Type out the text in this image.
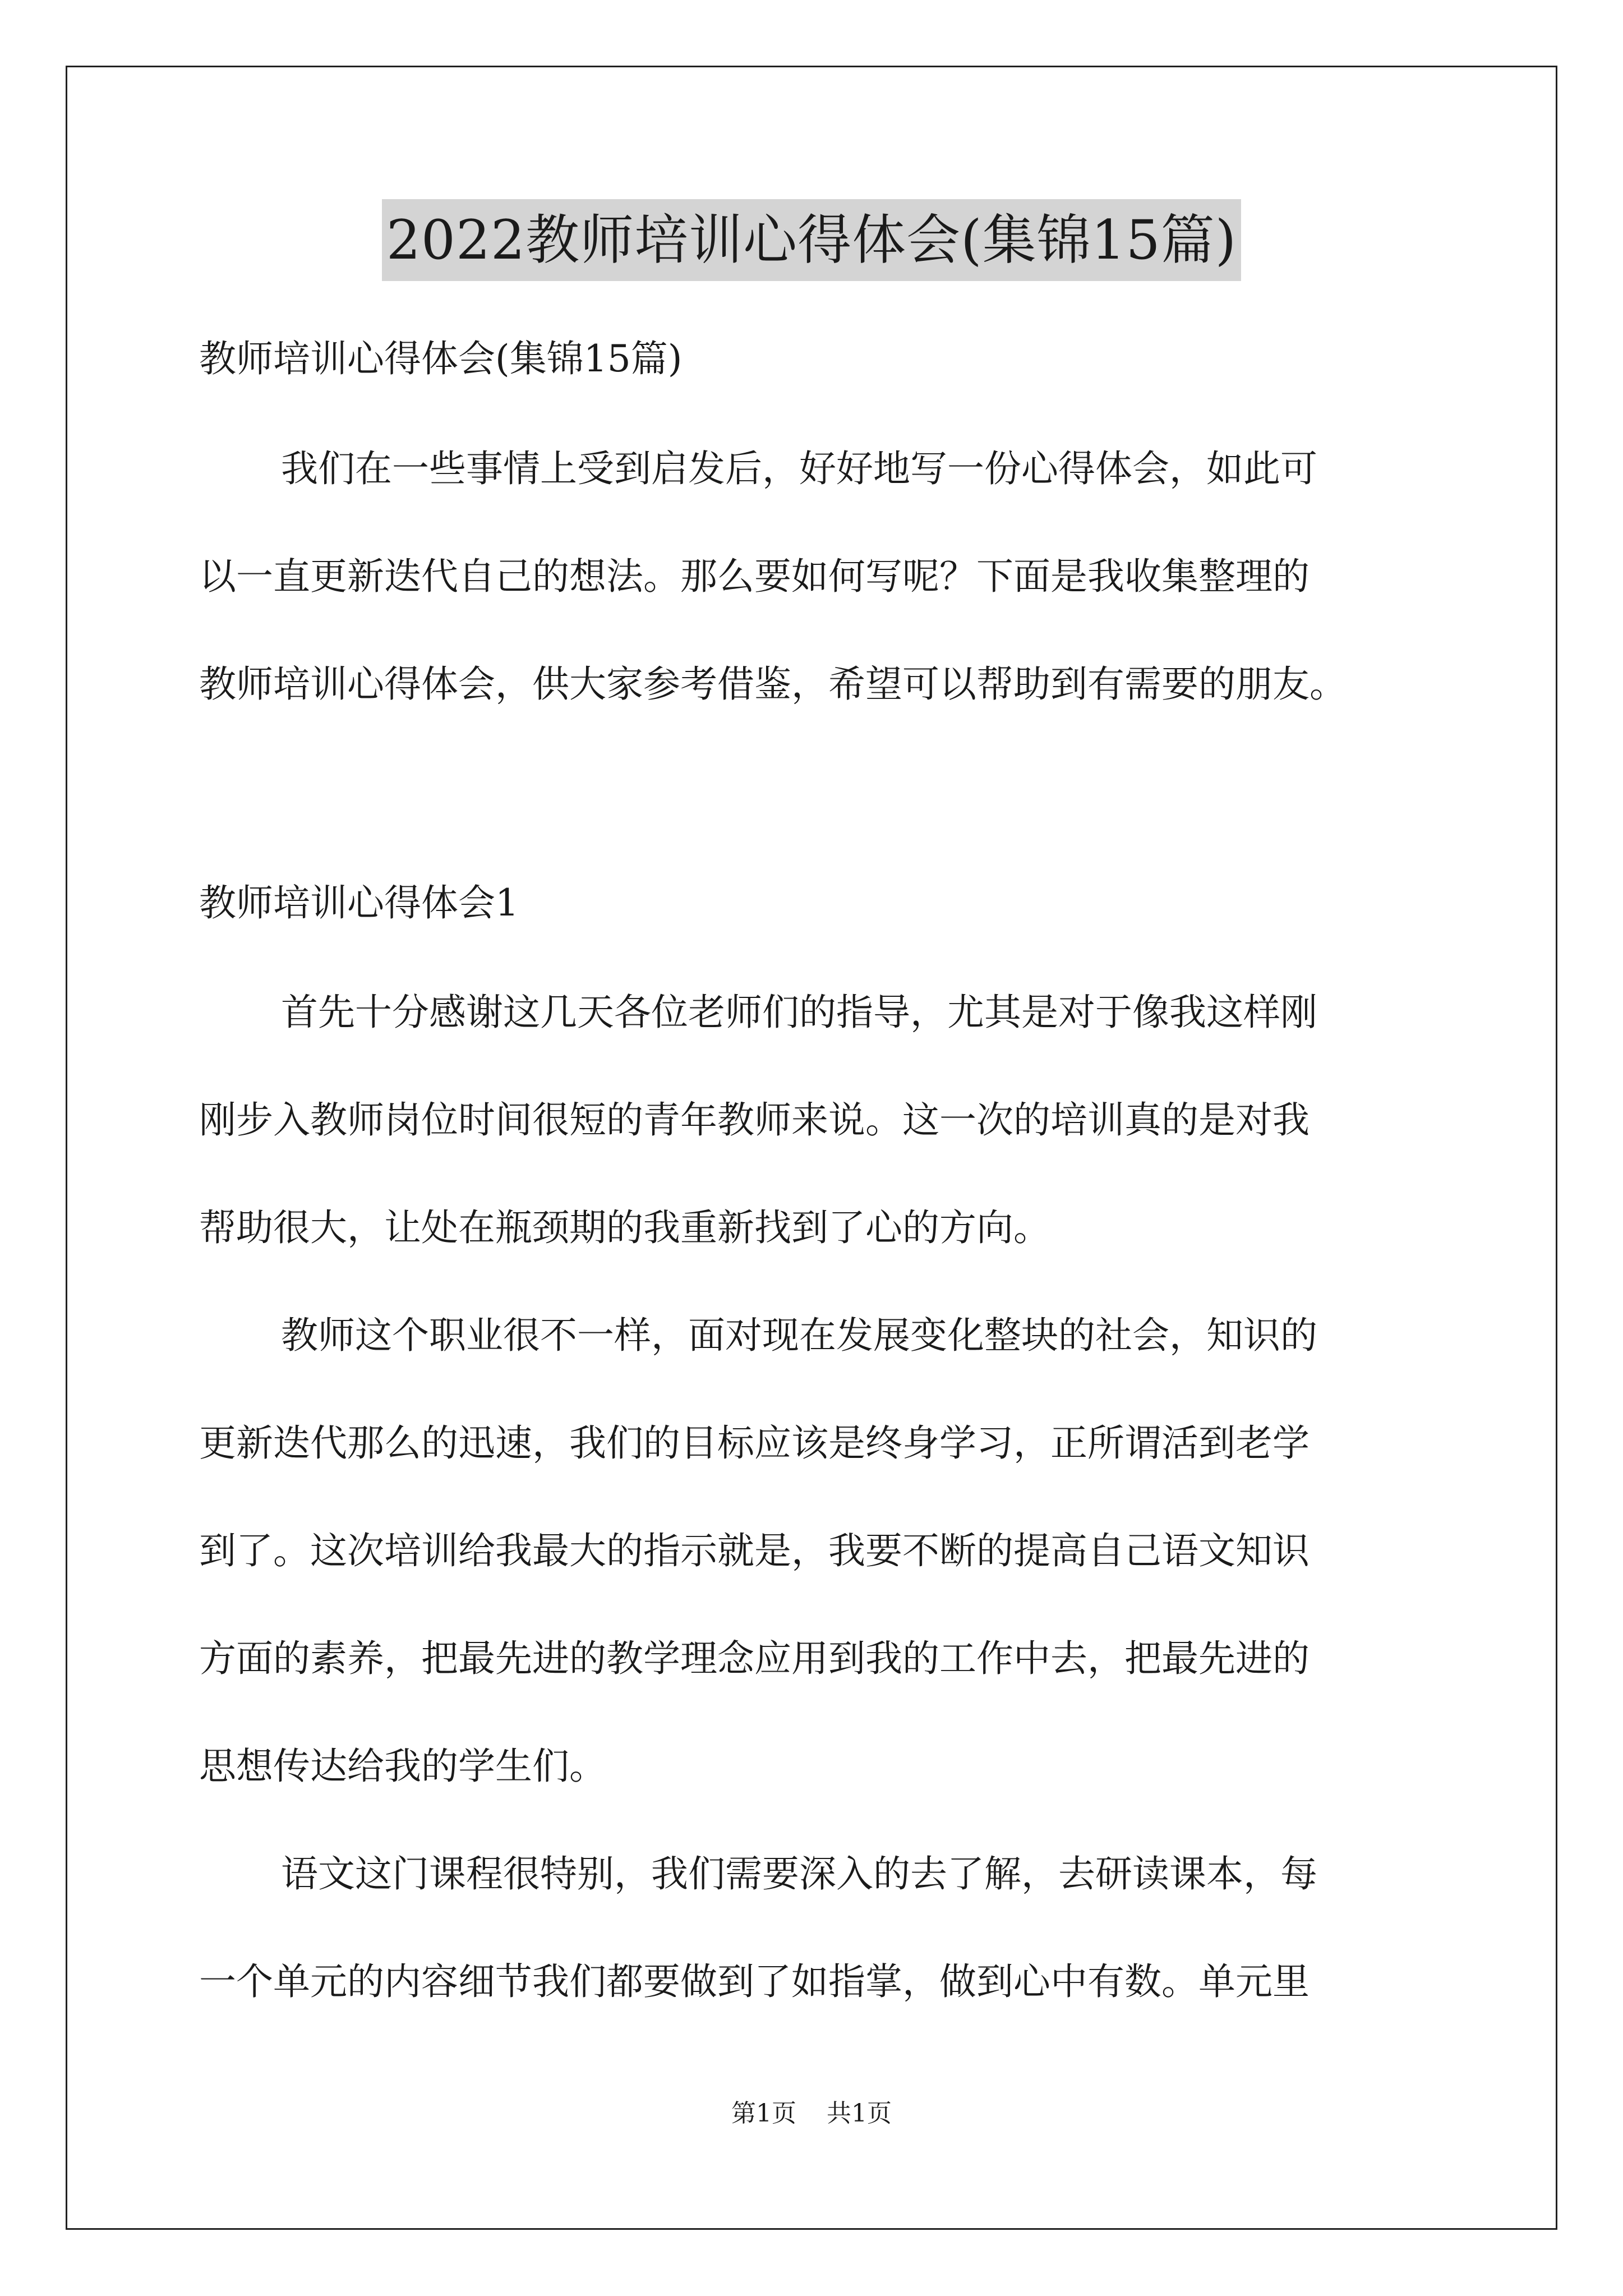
2022教师培训心得体会(集锦15篇)
教师培训心得体会(集锦15篇)
我们在一些事情上受到启发后，好好地写一份心得体会，如此可
以一直更新迭代自己的想法。那么要如何写呢？下面是我收集整理的
教师培训心得体会，供大家参考借鉴，希望可以帮助到有需要的朋友。
教师培训心得体会1
首先十分感谢这几天各位老师们的指导，尤其是对于像我这样刚
刚步入教师岗位时间很短的青年教师来说。这一次的培训真的是对我
帮助很大，让处在瓶颈期的我重新找到了心的方向。
教师这个职业很不一样，面对现在发展变化整块的社会，知识的
更新迭代那么的迅速，我们的目标应该是终身学习，正所谓活到老学
到了。这次培训给我最大的指示就是，我要不断的提高自己语文知识
方面的素养，把最先进的教学理念应用到我的工作中去，把最先进的
思想传达给我的学生们。
语文这门课程很特别，我们需要深入的去了解，去研读课本，每
一个单元的内容细节我们都要做到了如指掌，做到心中有数。单元里
第1页 共1页
